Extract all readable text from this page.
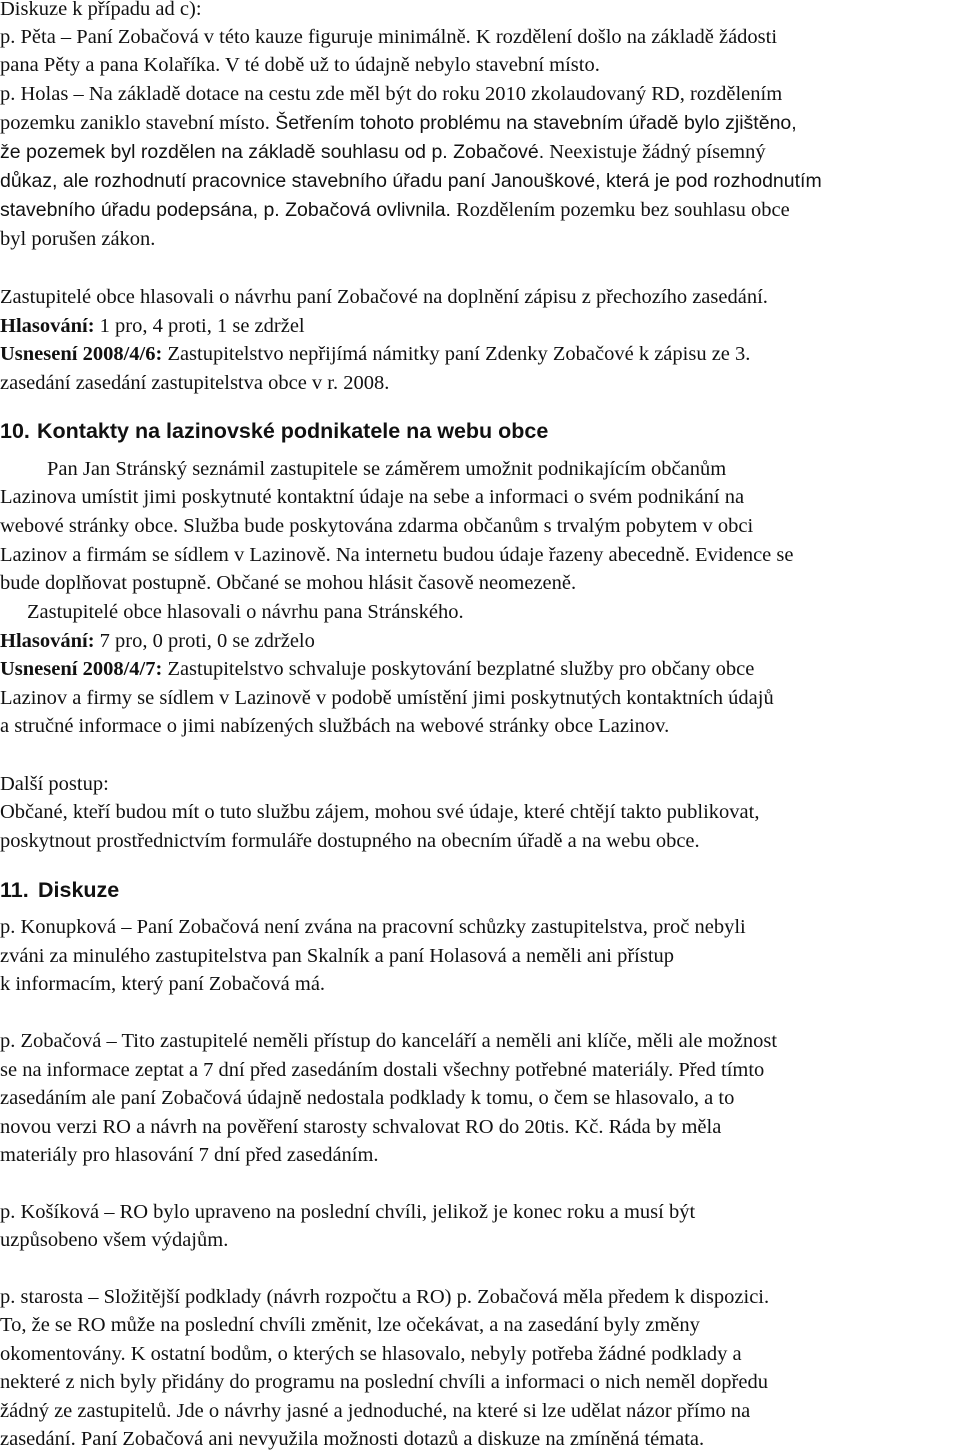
Diskuze k případu ad c):
p. Pěta – Paní Zobačová v této kauze figuruje minimálně. K rozdělení došlo na základě žádosti
pana Pěty a pana Kolaříka. V té době už to údajně nebylo stavební místo.
p. Holas – Na základě dotace na cestu zde měl být do roku 2010 zkolaudovaný RD, rozdělením
pozemku zaniklo stavební místo. Šetřením tohoto problému na stavebním úřadě bylo zjištěno,
že pozemek byl rozdělen na základě souhlasu od p. Zobačové. Neexistuje žádný písemný
důkaz, ale rozhodnutí pracovnice stavebního úřadu paní Janouškové, která je pod rozhodnutím
stavebního úřadu podepsána, p. Zobačová ovlivnila. Rozdělením pozemku bez souhlasu obce
byl porušen zákon.
Zastupitelé obce hlasovali o návrhu paní Zobačové na doplnění zápisu z přechozího zasedání.
Hlasování: 1 pro, 4 proti, 1 se zdržel
Usnesení 2008/4/6: Zastupitelstvo nepřijímá námitky paní Zdenky Zobačové k zápisu ze 3.
zasedání zasedání zastupitelstva obce v r. 2008.
10. Kontakty na lazinovské podnikatele na webu obce
Pan Jan Stránský seznámil zastupitele se záměrem umožnit podnikajícím občanům
Lazinova umístit jimi poskytnuté kontaktní údaje na sebe a informaci o svém podnikání na
webové stránky obce. Služba bude poskytována zdarma občanům s trvalým pobytem v obci
Lazinov a firmám se sídlem v Lazinově. Na internetu budou údaje řazeny abecedně. Evidence se
bude doplňovat postupně. Občané se mohou hlásit časově neomezeně.
Zastupitelé obce hlasovali o návrhu pana Stránského.
Hlasování: 7 pro, 0 proti, 0 se zdrželo
Usnesení 2008/4/7: Zastupitelstvo schvaluje poskytování bezplatné služby pro občany obce
Lazinov a firmy se sídlem v Lazinově v podobě umístění jimi poskytnutých kontaktních údajů
a stručné informace o jimi nabízených službách na webové stránky obce Lazinov.
Další postup:
Občané, kteří budou mít o tuto službu zájem, mohou své údaje, které chtějí takto publikovat,
poskytnout prostřednictvím formuláře dostupného na obecním úřadě a na webu obce.
11. Diskuze
p. Konupková – Paní Zobačová není zvána na pracovní schůzky zastupitelstva, proč nebyli
zváni za minulého zastupitelstva pan Skalník a paní Holasová a neměli ani přístup
k informacím, který paní Zobačová má.
p. Zobačová – Tito zastupitelé neměli přístup do kanceláří a neměli ani klíče, měli ale možnost
se na informace zeptat a 7 dní před zasedáním dostali všechny potřebné materiály. Před tímto
zasedáním ale paní Zobačová údajně nedostala podklady k tomu, o čem se hlasovalo, a to
novou verzi RO a návrh na pověření starosty schvalovat RO do 20tis. Kč. Ráda by měla
materiály pro hlasování 7 dní před zasedáním.
p. Košíková – RO bylo upraveno na poslední chvíli, jelikož je konec roku a musí být
uzpůsobeno všem výdajům.
p. starosta – Složitější podklady (návrh rozpočtu a RO) p. Zobačová měla předem k dispozici.
To, že se RO může na poslední chvíli změnit, lze očekávat, a na zasedání byly změny
okomentovány. K ostatní bodům, o kterých se hlasovalo, nebyly potřeba žádné podklady a
nekteré z nich byly přidány do programu na poslední chvíli a informaci o nich neměl dopředu
žádný ze zastupitelů. Jde o návrhy jasné a jednoduché, na které si lze udělat názor přímo na
zasedání. Paní Zobačová ani nevyužila možnosti dotazů a diskuze na zmíněná témata.
